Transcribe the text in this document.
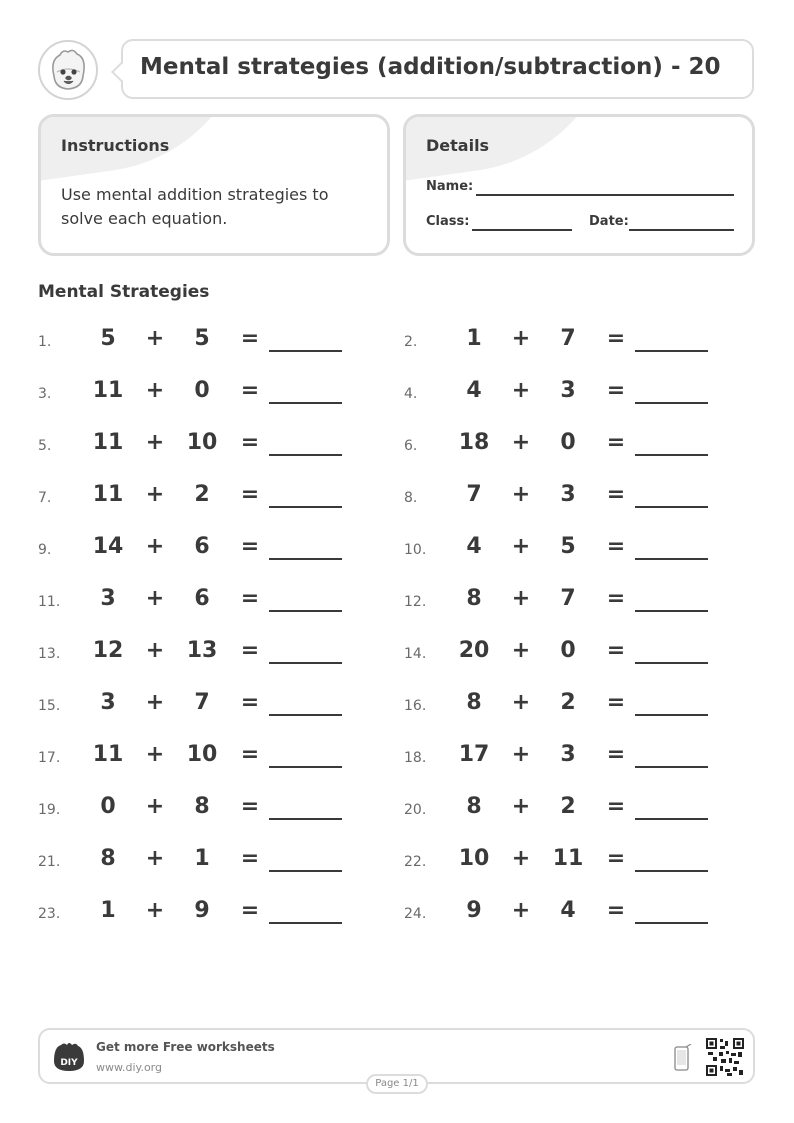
Mental strategies (addition/subtraction) - 20
Instructions
Use mental addition strategies to solve each equation.
Details
Name:
Class:	Date:
Mental Strategies
1.	5	+	5	=	2.	1	+	7	=
3.	11	+	0	=	4.	4	+	3	=
5.	11	+	10	=	6.	18	+	0	=
7.	11	+	2	=	8.	7	+	3	=
9.	14	+	6	=	10.	4	+	5	=
11.	3	+	6	=	12.	8	+	7	=
13.	12	+	13	=	14.	20	+	0	=
15.	3	+	7	=	16.	8	+	2	=
17.	11	+	10	=	18.	17	+	3	=
19.	0	+	8	=	20.	8	+	2	=
21.	8	+	1	=	22.	10	+	11	=
23.	1	+	9	=	24.	9	+	4	=
DIY
Get more Free worksheets
www.diy.org
Page 1/1
